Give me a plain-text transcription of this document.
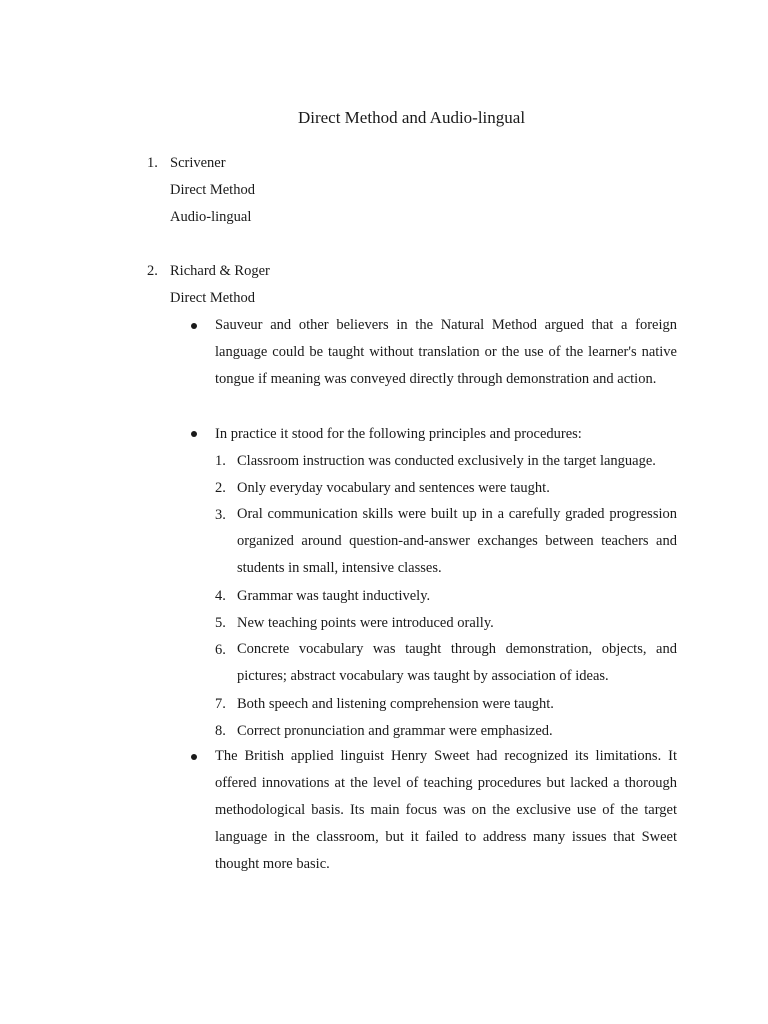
Direct Method and Audio-lingual
1. Scrivener
Direct Method
Audio-lingual
2. Richard & Roger
Direct Method

Sauveur and other believers in the Natural Method argued that a foreign language could be taught without translation or the use of the learner's native tongue if meaning was conveyed directly through demonstration and action.

In practice it stood for the following principles and procedures:
1. Classroom instruction was conducted exclusively in the target language.
2. Only everyday vocabulary and sentences were taught.
3. Oral communication skills were built up in a carefully graded progression organized around question-and-answer exchanges between teachers and students in small, intensive classes.

4. Grammar was taught inductively.
5. New teaching points were introduced orally.
6. Concrete vocabulary was taught through demonstration, objects, and pictures; abstract vocabulary was taught by association of ideas.

7. Both speech and listening comprehension were taught.
8. Correct pronunciation and grammar were emphasized.

The British applied linguist Henry Sweet had recognized its limitations. It offered innovations at the level of teaching procedures but lacked a thorough methodological basis. Its main focus was on the exclusive use of the target language in the classroom, but it failed to address many issues that Sweet thought more basic.
